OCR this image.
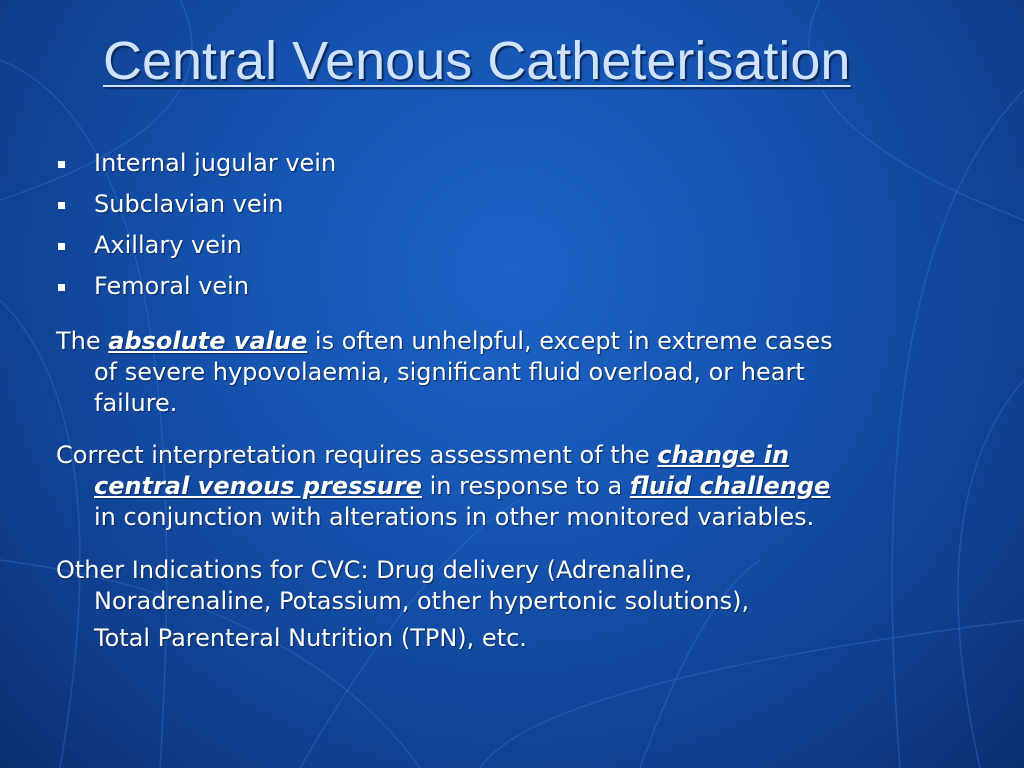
Central Venous Catheterisation
Internal jugular vein
Subclavian vein
Axillary vein
Femoral vein
The absolute value is often unhelpful, except in extreme cases
of severe hypovolaemia, significant fluid overload, or heart
failure.
Correct interpretation requires assessment of the change in
central venous pressure in response to a fluid challenge
in conjunction with alterations in other monitored variables.
Other Indications for CVC: Drug delivery (Adrenaline,
Noradrenaline, Potassium, other hypertonic solutions),
Total Parenteral Nutrition (TPN), etc.
